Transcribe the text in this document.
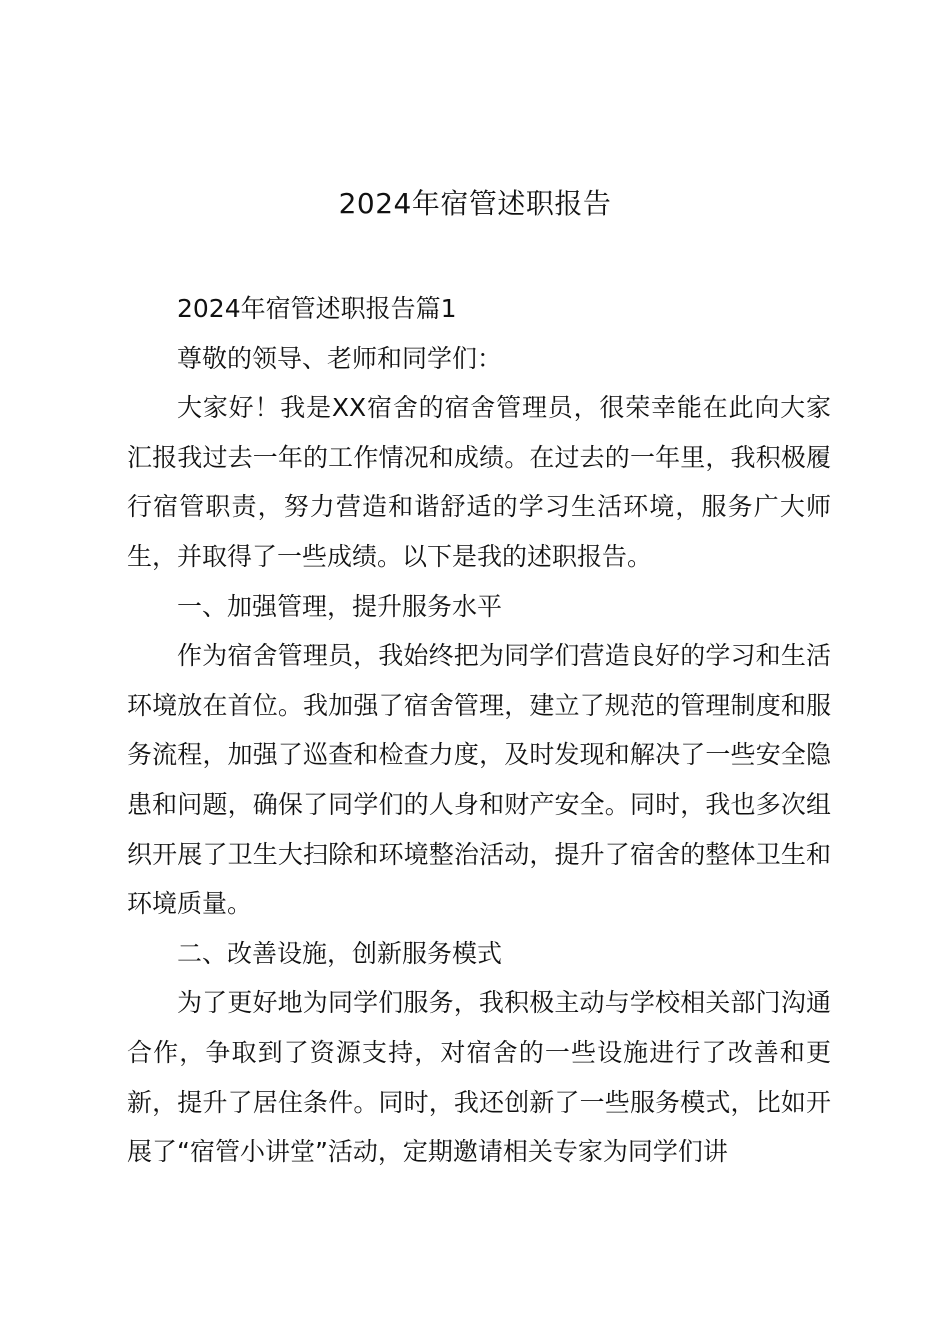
2024年宿管述职报告

2024年宿管述职报告篇1

尊敬的领导、老师和同学们：

大家好！我是XX宿舍的宿舍管理员，很荣幸能在此向大家汇报我过去一年的工作情况和成绩。在过去的一年里，我积极履行宿管职责，努力营造和谐舒适的学习生活环境，服务广大师生，并取得了一些成绩。以下是我的述职报告。

一、加强管理，提升服务水平

作为宿舍管理员，我始终把为同学们营造良好的学习和生活环境放在首位。我加强了宿舍管理，建立了规范的管理制度和服务流程，加强了巡查和检查力度，及时发现和解决了一些安全隐患和问题，确保了同学们的人身和财产安全。同时，我也多次组织开展了卫生大扫除和环境整治活动，提升了宿舍的整体卫生和环境质量。

二、改善设施，创新服务模式

为了更好地为同学们服务，我积极主动与学校相关部门沟通合作，争取到了资源支持，对宿舍的一些设施进行了改善和更新，提升了居住条件。同时，我还创新了一些服务模式，比如开展了“宿管小讲堂”活动，定期邀请相关专家为同学们讲
